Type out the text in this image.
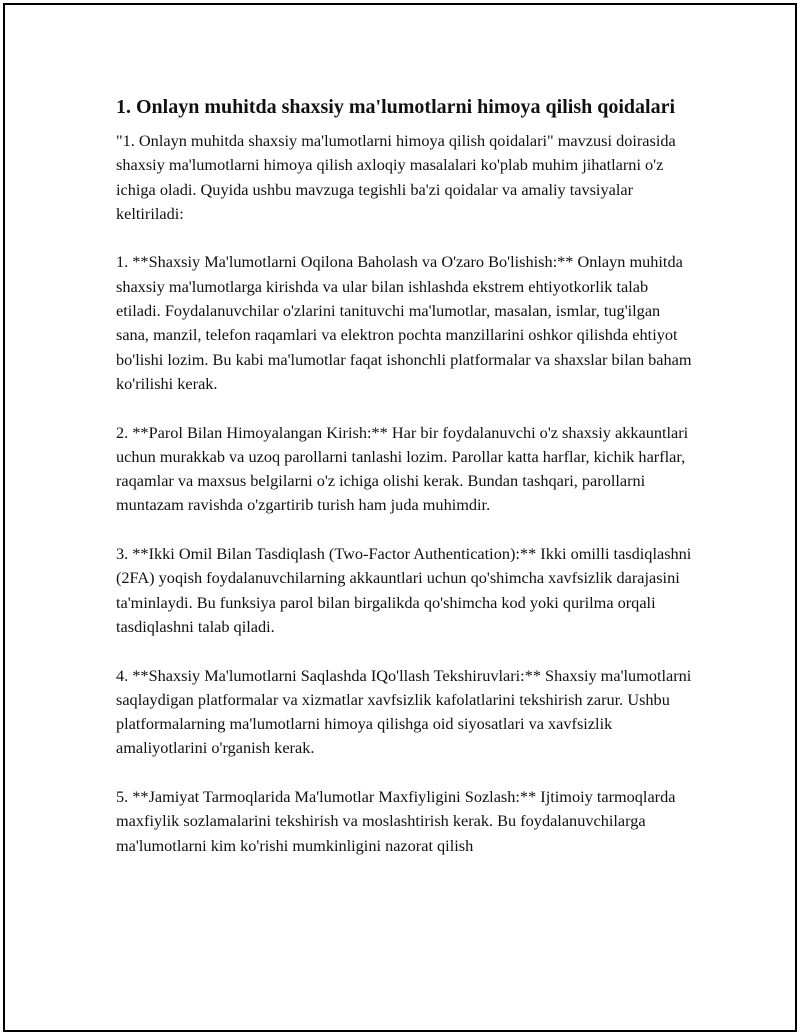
1. Onlayn muhitda shaxsiy ma'lumotlarni himoya qilish qoidalari

"1. Onlayn muhitda shaxsiy ma'lumotlarni himoya qilish qoidalari" mavzusi doirasida shaxsiy ma'lumotlarni himoya qilish axloqiy masalalari ko'plab muhim jihatlarni o'z ichiga oladi. Quyida ushbu mavzuga tegishli ba'zi qoidalar va amaliy tavsiyalar keltiriladi:

1. **Shaxsiy Ma'lumotlarni Oqilona Baholash va O'zaro Bo'lishish:** Onlayn muhitda shaxsiy ma'lumotlarga kirishda va ular bilan ishlashda ekstrem ehtiyotkorlik talab etiladi. Foydalanuvchilar o'zlarini tanituvchi ma'lumotlar, masalan, ismlar, tug'ilgan sana, manzil, telefon raqamlari va elektron pochta manzillarini oshkor qilishda ehtiyot bo'lishi lozim. Bu kabi ma'lumotlar faqat ishonchli platformalar va shaxslar bilan baham ko'rilishi kerak.

2. **Parol Bilan Himoyalangan Kirish:** Har bir foydalanuvchi o'z shaxsiy akkauntlari uchun murakkab va uzoq parollarni tanlashi lozim. Parollar katta harflar, kichik harflar, raqamlar va maxsus belgilarni o'z ichiga olishi kerak. Bundan tashqari, parollarni muntazam ravishda o'zgartirib turish ham juda muhimdir.

3. **Ikki Omil Bilan Tasdiqlash (Two-Factor Authentication):** Ikki omilli tasdiqlashni (2FA) yoqish foydalanuvchilarning akkauntlari uchun qo'shimcha xavfsizlik darajasini ta'minlaydi. Bu funksiya parol bilan birgalikda qo'shimcha kod yoki qurilma orqali tasdiqlashni talab qiladi.

4. **Shaxsiy Ma'lumotlarni Saqlashda IQo'llash Tekshiruvlari:** Shaxsiy ma'lumotlarni saqlaydigan platformalar va xizmatlar xavfsizlik kafolatlarini tekshirish zarur. Ushbu platformalarning ma'lumotlarni himoya qilishga oid siyosatlari va xavfsizlik amaliyotlarini o'rganish kerak.

5. **Jamiyat Tarmoqlarida Ma'lumotlar Maxfiyligini Sozlash:** Ijtimoiy tarmoqlarda maxfiylik sozlamalarini tekshirish va moslashtirish kerak. Bu foydalanuvchilarga ma'lumotlarni kim ko'rishi mumkinligini nazorat qilish
